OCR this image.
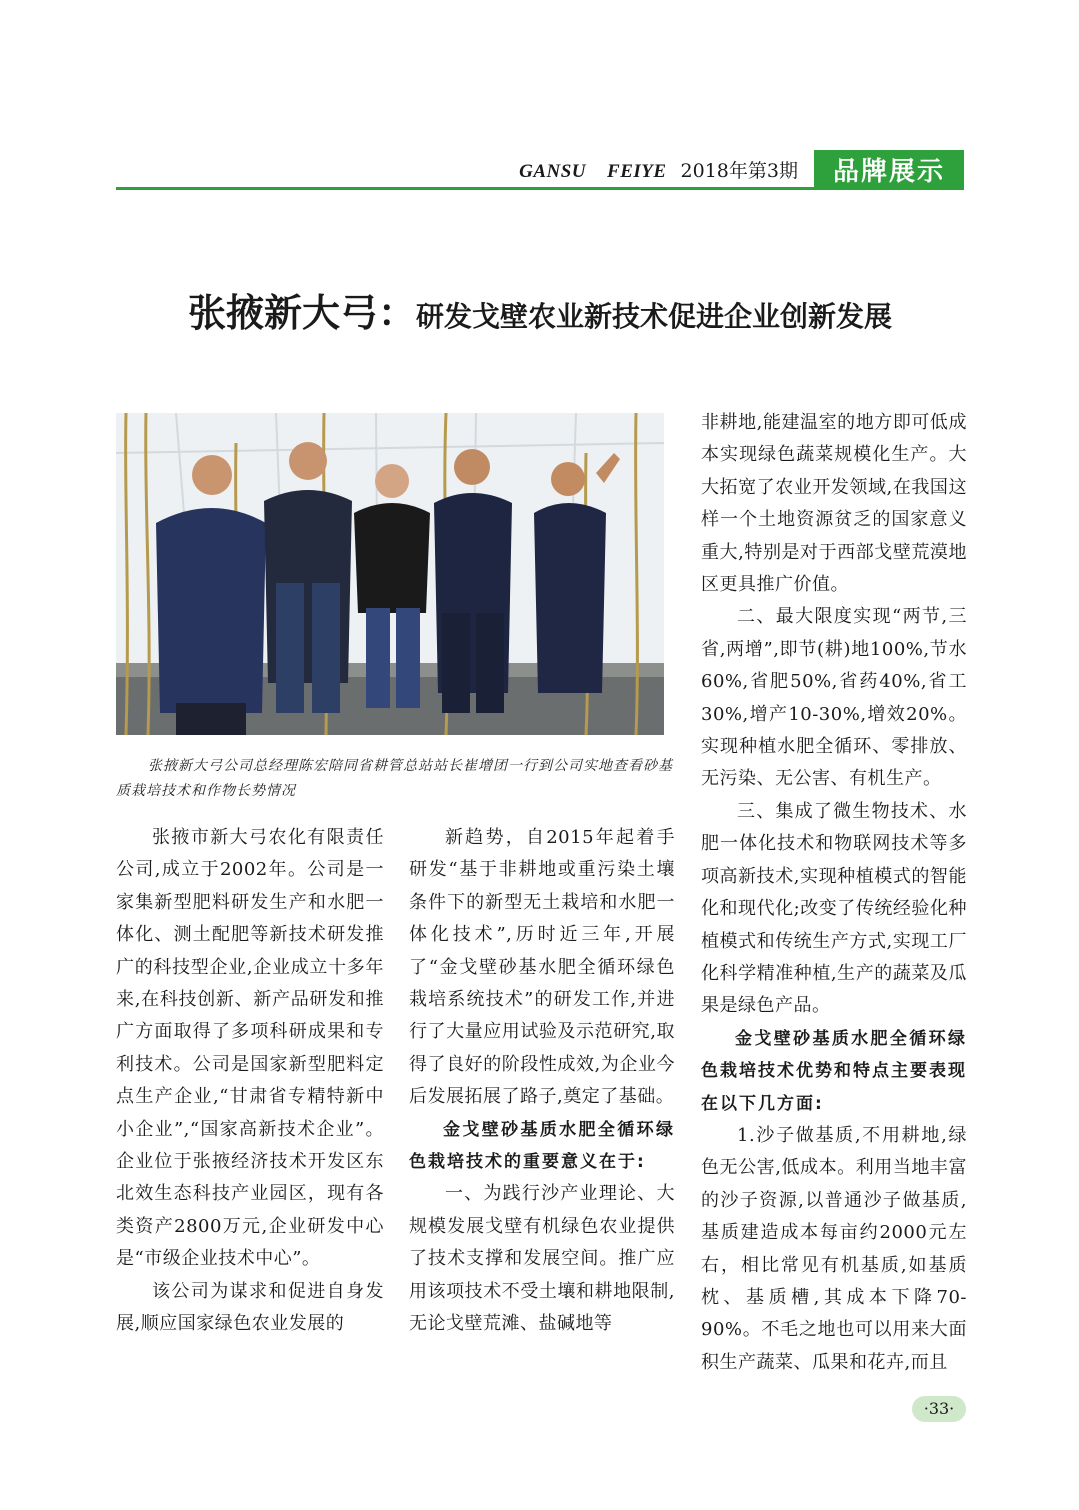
GANSU    FEIYE 2018年第3期	品牌展示
张掖新大弓：研发戈壁农业新技术促进企业创新发展
张掖新大弓公司总经理陈宏陪同省耕管总站站长崔增团一行到公司实地查看砂基质栽培技术和作物长势情况

张掖市新大弓农化有限责任公司,成立于2002年。公司是一家集新型肥料研发生产和水肥一体化、测土配肥等新技术研发推广的科技型企业,企业成立十多年来,在科技创新、新产品研发和推广方面取得了多项科研成果和专利技术。公司是国家新型肥料定点生产企业,“甘肃省专精特新中小企业”,“国家高新技术企业”。企业位于张掖经济技术开发区东北效生态科技产业园区，现有各类资产2800万元,企业研发中心是“市级企业技术中心”。

该公司为谋求和促进自身发展,顺应国家绿色农业发展的

新趋势，自2015年起着手研发“基于非耕地或重污染土壤条件下的新型无土栽培和水肥一体化技术”,历时近三年,开展了“金戈壁砂基水肥全循环绿色栽培系统技术”的研发工作,并进行了大量应用试验及示范研究,取得了良好的阶段性成效,为企业今后发展拓展了路子,奠定了基础。

金戈壁砂基质水肥全循环绿色栽培技术的重要意义在于:

一、为践行沙产业理论、大规模发展戈壁有机绿色农业提供了技术支撑和发展空间。推广应用该项技术不受土壤和耕地限制,无论戈壁荒滩、盐碱地等

非耕地,能建温室的地方即可低成本实现绿色蔬菜规模化生产。大大拓宽了农业开发领域,在我国这样一个土地资源贫乏的国家意义重大,特别是对于西部戈壁荒漠地区更具推广价值。

二、最大限度实现“两节,三省,两增”,即节(耕)地100%,节水60%,省肥50%,省药40%,省工30%,增产10-30%,增效20%。实现种植水肥全循环、零排放、无污染、无公害、有机生产。

三、集成了微生物技术、水肥一体化技术和物联网技术等多项高新技术,实现种植模式的智能化和现代化;改变了传统经验化种植模式和传统生产方式,实现工厂化科学精准种植,生产的蔬菜及瓜果是绿色产品。

金戈壁砂基质水肥全循环绿色栽培技术优势和特点主要表现在以下几方面:

1.沙子做基质,不用耕地,绿色无公害,低成本。利用当地丰富的沙子资源,以普通沙子做基质,基质建造成本每亩约2000元左右，相比常见有机基质,如基质枕、基质槽,其成本下降70-90%。不毛之地也可以用来大面积生产蔬菜、瓜果和花卉,而且

·33·
